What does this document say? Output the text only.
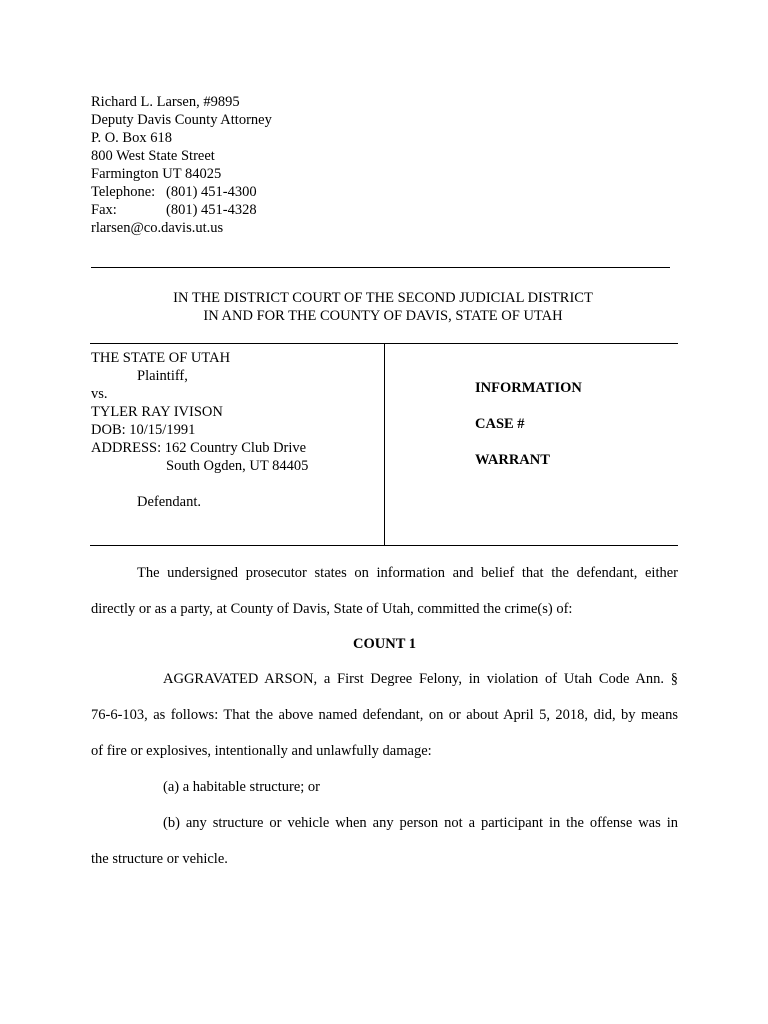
Richard L. Larsen, #9895
Deputy Davis County Attorney
P. O. Box 618
800 West State Street
Farmington UT 84025
Telephone: (801) 451-4300
Fax:	(801) 451-4328
rlarsen@co.davis.ut.us
IN THE DISTRICT COURT OF THE SECOND JUDICIAL DISTRICT
IN AND FOR THE COUNTY OF DAVIS, STATE OF UTAH
THE STATE OF UTAH
Plaintiff,
vs.
TYLER RAY IVISON
DOB: 10/15/1991
ADDRESS: 162 Country Club Drive
South Ogden, UT 84405
Defendant.
INFORMATION
CASE #
WARRANT
The undersigned prosecutor states on information and belief that the defendant, either
directly or as a party, at County of Davis, State of Utah, committed the crime(s) of:
COUNT 1
AGGRAVATED ARSON, a First Degree Felony, in violation of Utah Code Ann. §
76-6-103, as follows: That the above named defendant, on or about April 5, 2018, did, by means
of fire or explosives, intentionally and unlawfully damage:
(a) a habitable structure; or
(b) any structure or vehicle when any person not a participant in the offense was in
the structure or vehicle.
